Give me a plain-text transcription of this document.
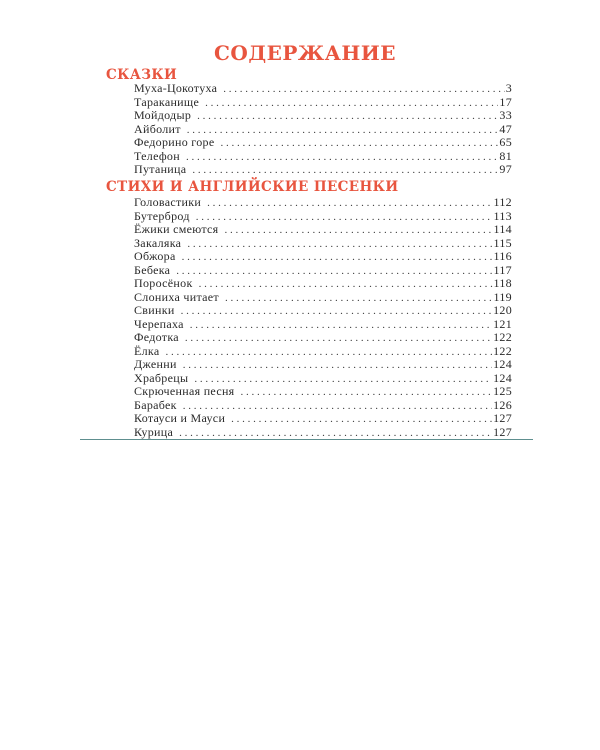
СОДЕРЖАНИЕ
СКАЗКИ
Муха-Цокотуха . . .	3
Тараканище . . .	17
Мойдодыр . . .	33
Айболит . . .	47
Федорино горе . . .	65
Телефон . . .	81
Путаница . . .	97
СТИХИ И АНГЛИЙСКИЕ ПЕСЕНКИ
Головастики . . .	112
Бутерброд . . .	113
Ёжики смеются . . .	114
Закаляка . . .	115
Обжора . . .	116
Бебека . . .	117
Поросёнок . . .	118
Слониха читает . . .	119
Свинки . . .	120
Черепаха . . .	121
Федотка . . .	122
Ёлка . . .	122
Дженни . . .	124
Храбрецы . . .	124
Скрюченная песня . . .	125
Барабек . . .	126
Котауси и Мауси . . .	127
Курица . . .	127
